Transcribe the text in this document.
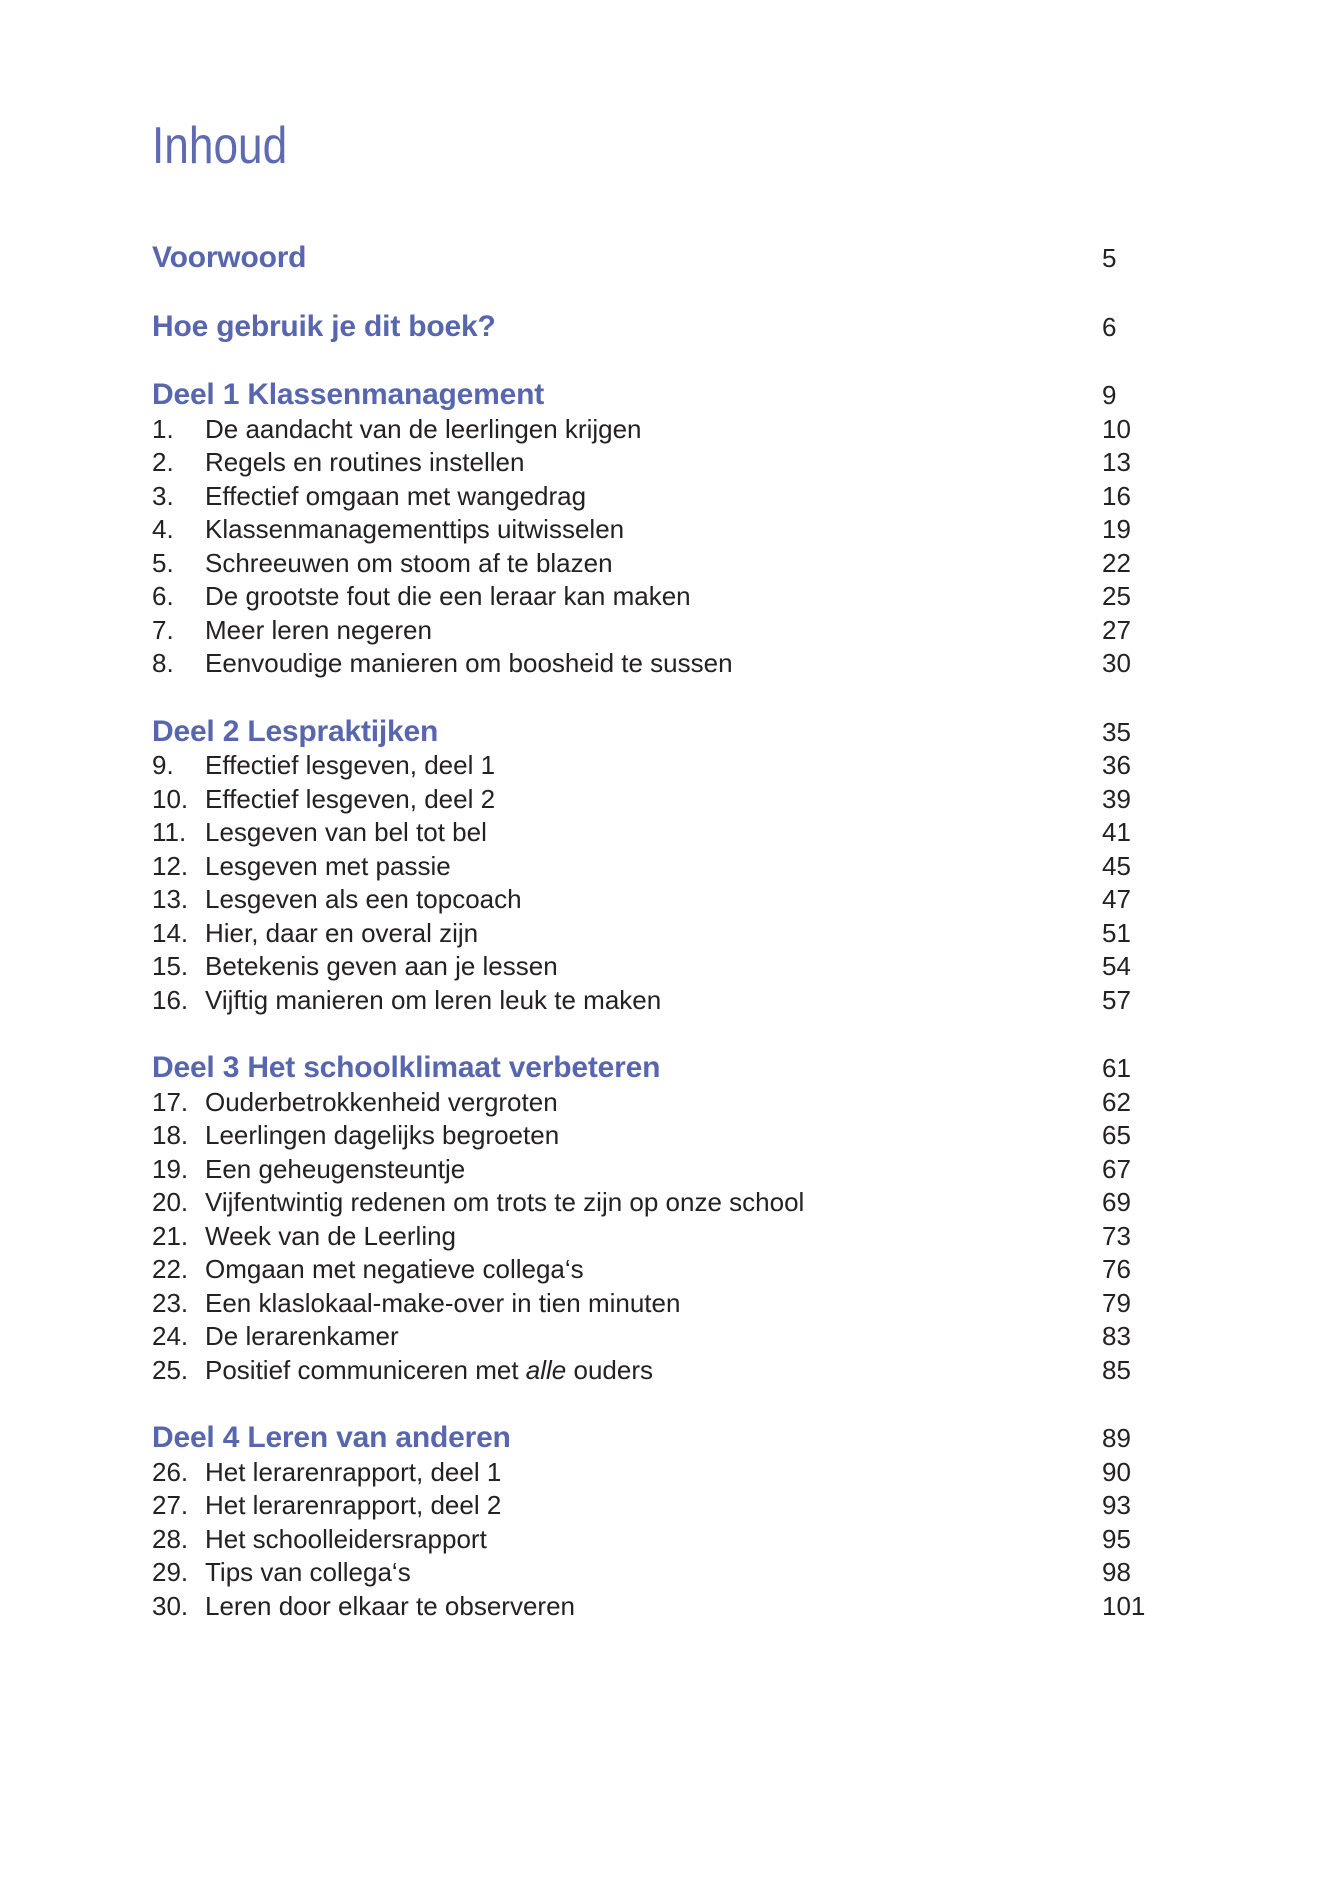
Inhoud
Voorwoord	5
Hoe gebruik je dit boek?	6
Deel 1 Klassenmanagement	9
1.	De aandacht van de leerlingen krijgen	10
2.	Regels en routines instellen	13
3.	Effectief omgaan met wangedrag	16
4.	Klassenmanagementtips uitwisselen	19
5.	Schreeuwen om stoom af te blazen	22
6.	De grootste fout die een leraar kan maken	25
7.	Meer leren negeren	27
8.	Eenvoudige manieren om boosheid te sussen	30
Deel 2 Lespraktijken	35
9.	Effectief lesgeven, deel 1	36
10. Effectief lesgeven, deel 2	39
11. Lesgeven van bel tot bel	41
12. Lesgeven met passie	45
13. Lesgeven als een topcoach	47
14. Hier, daar en overal zijn	51
15. Betekenis geven aan je lessen	54
16. Vijftig manieren om leren leuk te maken	57
Deel 3 Het schoolklimaat verbeteren	61
17. Ouderbetrokkenheid vergroten	62
18. Leerlingen dagelijks begroeten	65
19. Een geheugensteuntje	67
20. Vijfentwintig redenen om trots te zijn op onze school	69
21. Week van de Leerling	73
22. Omgaan met negatieve collega‘s	76
23. Een klaslokaal-make-over in tien minuten	79
24. De lerarenkamer	83
25. Positief communiceren met alle ouders	85
Deel 4 Leren van anderen	89
26. Het lerarenrapport, deel 1	90
27. Het lerarenrapport, deel 2	93
28. Het schoolleidersrapport	95
29. Tips van collega‘s	98
30. Leren door elkaar te observeren	101
